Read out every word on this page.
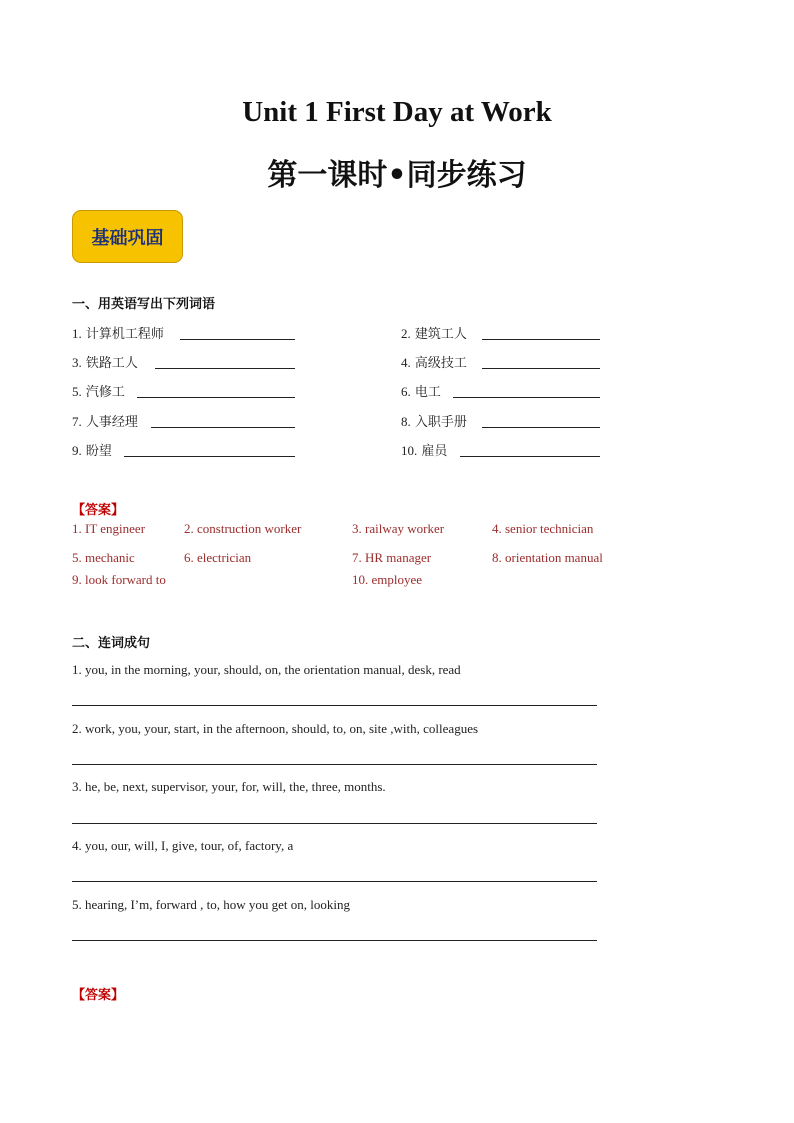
Unit 1 First Day at Work
第一课时•同步练习
基础巩固
一、用英语写出下列词语
1. 计算机工程师	2. 建筑工人
3. 铁路工人	4. 高级技工
5. 汽修工	6. 电工
7. 人事经理	8. 入职手册
9. 盼望	10. 雇员
【答案】
1. IT engineer	2. construction worker	3. railway worker	4. senior technician
5. mechanic	6. electrician	7. HR manager	8. orientation manual
9. look forward to	10. employee
二、连词成句
1. you, in the morning, your, should, on, the orientation manual, desk, read
2. work, you, your, start, in the afternoon, should, to, on, site ,with, colleagues
3. he, be, next, supervisor, your, for, will, the, three, months.
4. you, our, will, I, give, tour, of, factory, a
5. hearing, I’m, forward , to, how you get on, looking
【答案】
